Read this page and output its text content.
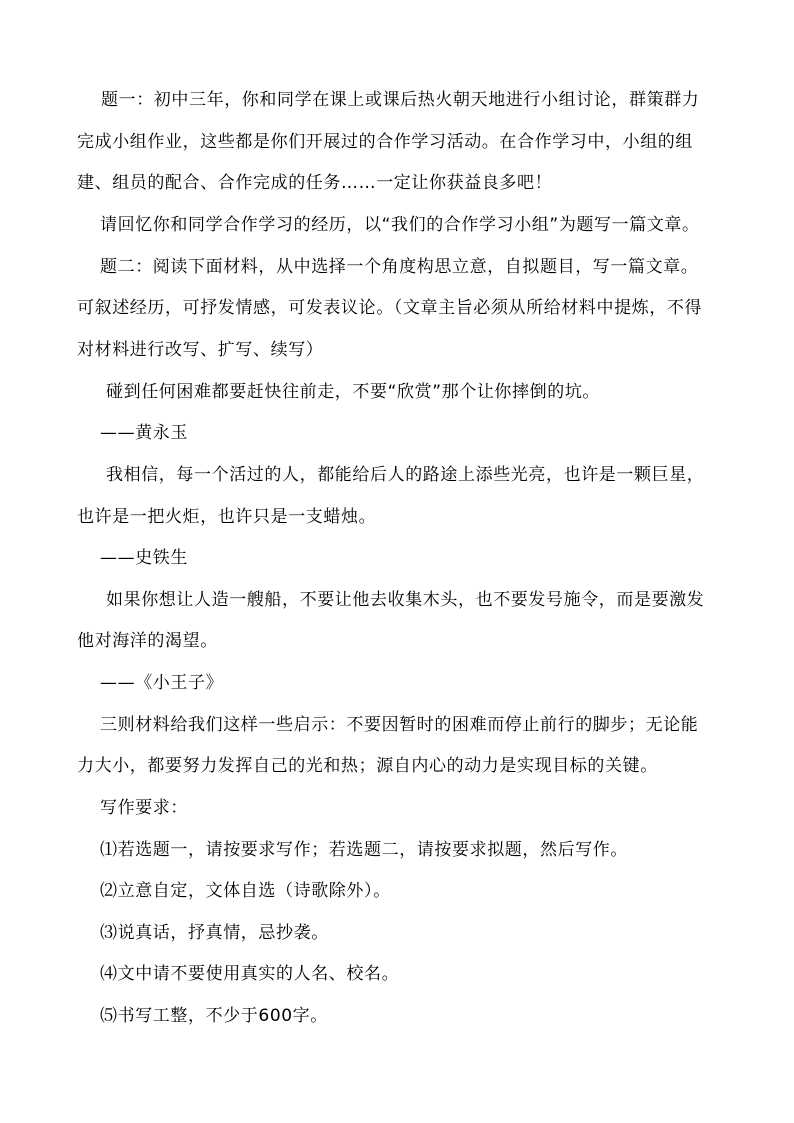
题一：初中三年，你和同学在课上或课后热火朝天地进行小组讨论，群策群力
完成小组作业，这些都是你们开展过的合作学习活动。在合作学习中，小组的组
建、组员的配合、合作完成的任务……一定让你获益良多吧！
请回忆你和同学合作学习的经历，以“我们的合作学习小组”为题写一篇文章。
题二：阅读下面材料，从中选择一个角度构思立意，自拟题目，写一篇文章。
可叙述经历，可抒发情感，可发表议论。（文章主旨必须从所给材料中提炼，不得
对材料进行改写、扩写、续写）
碰到任何困难都要赶快往前走，不要“欣赏”那个让你摔倒的坑。
——黄永玉
我相信，每一个活过的人，都能给后人的路途上添些光亮，也许是一颗巨星，
也许是一把火炬，也许只是一支蜡烛。
——史铁生
如果你想让人造一艘船，不要让他去收集木头，也不要发号施令，而是要激发
他对海洋的渴望。
——《小王子》
三则材料给我们这样一些启示：不要因暂时的困难而停止前行的脚步；无论能
力大小，都要努力发挥自己的光和热；源自内心的动力是实现目标的关键。
写作要求：
⑴若选题一，请按要求写作；若选题二，请按要求拟题，然后写作。
⑵立意自定，文体自选（诗歌除外）。
⑶说真话，抒真情，忌抄袭。
⑷文中请不要使用真实的人名、校名。
⑸书写工整，不少于600字。
